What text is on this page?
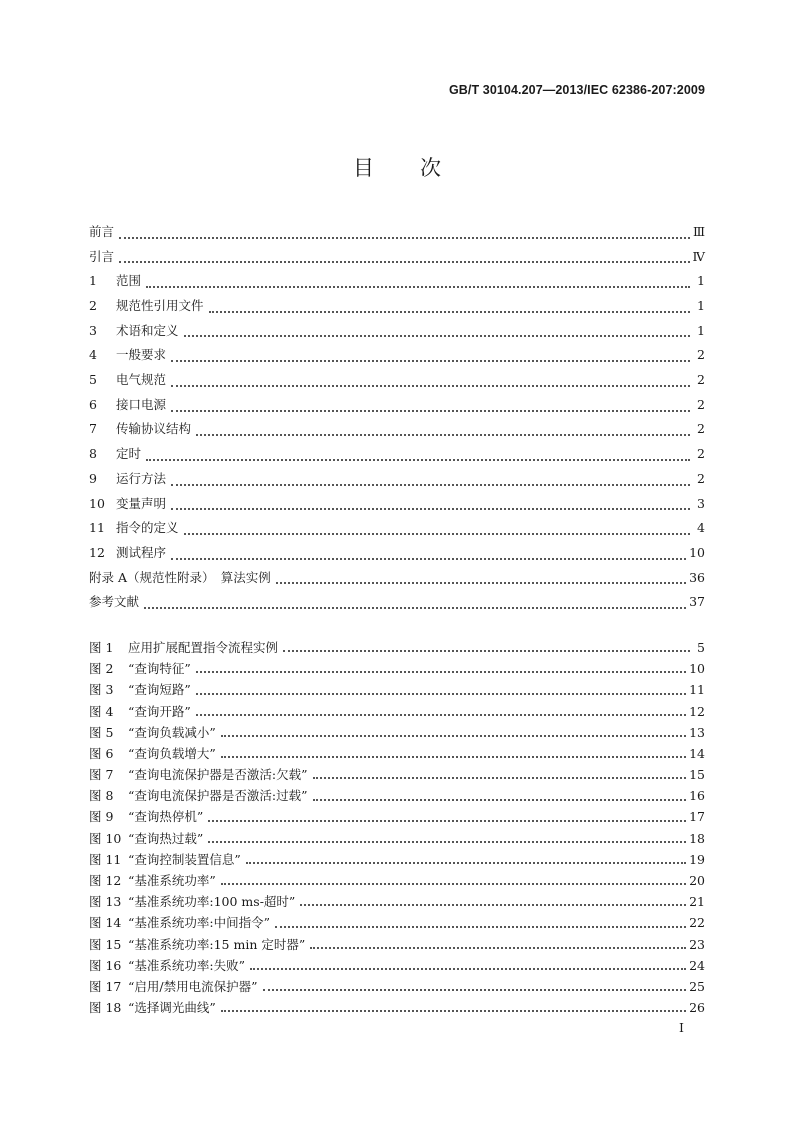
GB/T 30104.207—2013/IEC 62386-207:2009
目次
前言	Ⅲ
引言	Ⅳ
1	范围	1
2	规范性引用文件	1
3	术语和定义	1
4	一般要求	2
5	电气规范	2
6	接口电源	2
7	传输协议结构	2
8	定时	2
9	运行方法	2
10 变量声明	3
11 指令的定义	4
12 测试程序	10
附录 A（规范性附录）　算法实例	36
参考文献	37
图 1	应用扩展配置指令流程实例	5
图 2	“查询特征”	10
图 3	“查询短路”	11
图 4	“查询开路”	12
图 5	“查询负载减小”	13
图 6	“查询负载增大”	14
图 7	“查询电流保护器是否激活:欠载”	15
图 8	“查询电流保护器是否激活:过载”	16
图 9	“查询热停机”	17
图 10 “查询热过载”	18
图 11 “查询控制装置信息”	19
图 12 “基准系统功率”	20
图 13 “基准系统功率:100 ms-超时”	21
图 14 “基准系统功率:中间指令”	22
图 15 “基准系统功率:15 min 定时器”	23
图 16 “基准系统功率:失败”	24
图 17 “启用/禁用电流保护器”	25
图 18 “选择调光曲线”	26
Ⅰ
